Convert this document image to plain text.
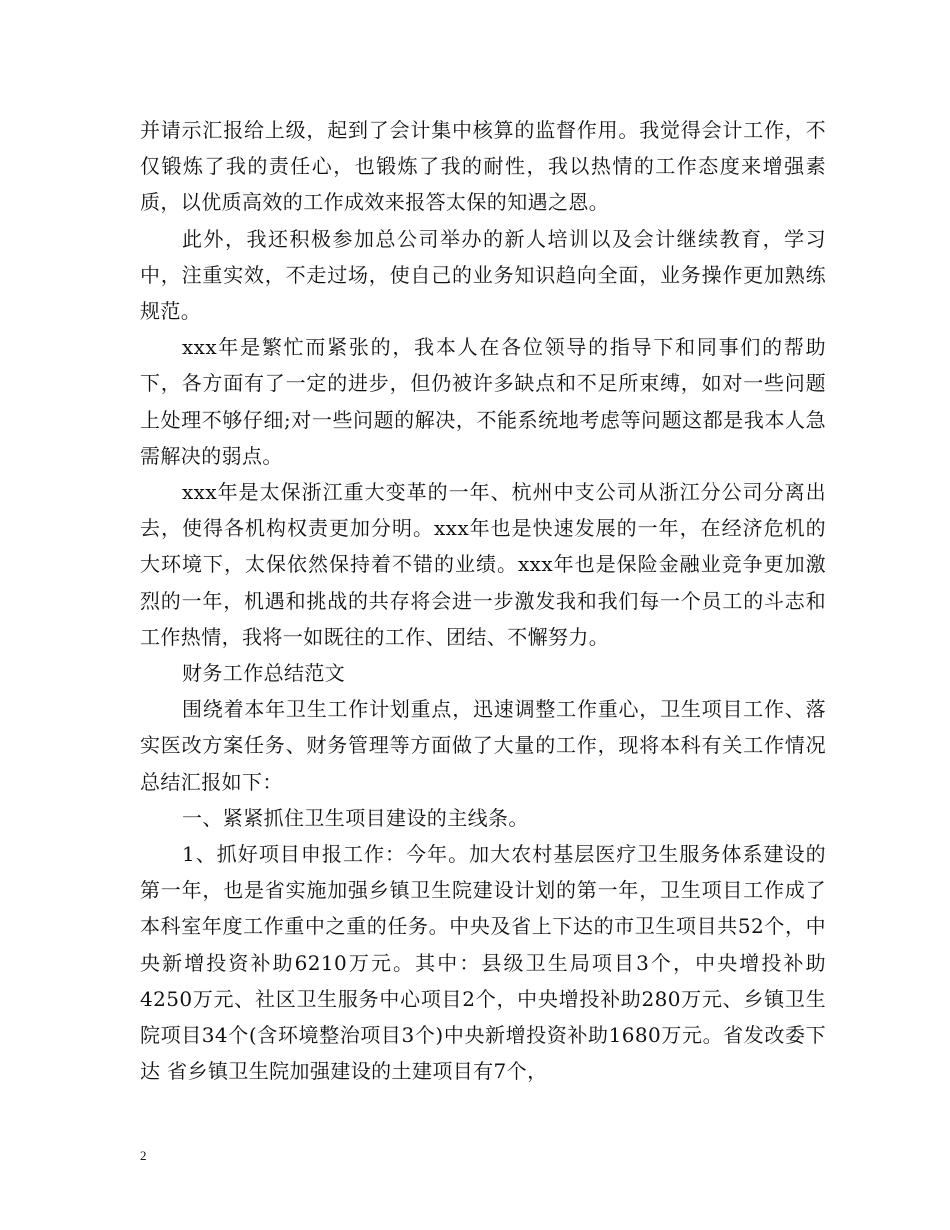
并请示汇报给上级，起到了会计集中核算的监督作用。我觉得会计工作，不仅锻炼了我的责任心，也锻炼了我的耐性，我以热情的工作态度来增强素质，以优质高效的工作成效来报答太保的知遇之恩。

此外，我还积极参加总公司举办的新人培训以及会计继续教育，学习中，注重实效，不走过场，使自己的业务知识趋向全面，业务操作更加熟练规范。

xxx年是繁忙而紧张的，我本人在各位领导的指导下和同事们的帮助下，各方面有了一定的进步，但仍被许多缺点和不足所束缚，如对一些问题上处理不够仔细;对一些问题的解决，不能系统地考虑等问题这都是我本人急需解决的弱点。

xxx年是太保浙江重大变革的一年、杭州中支公司从浙江分公司分离出去，使得各机构权责更加分明。xxx年也是快速发展的一年，在经济危机的大环境下，太保依然保持着不错的业绩。xxx年也是保险金融业竞争更加激烈的一年，机遇和挑战的共存将会进一步激发我和我们每一个员工的斗志和工作热情，我将一如既往的工作、团结、不懈努力。

财务工作总结范文

围绕着本年卫生工作计划重点，迅速调整工作重心，卫生项目工作、落实医改方案任务、财务管理等方面做了大量的工作，现将本科有关工作情况总结汇报如下：

一、紧紧抓住卫生项目建设的主线条。

1、抓好项目申报工作：今年。加大农村基层医疗卫生服务体系建设的第一年，也是省实施加强乡镇卫生院建设计划的第一年，卫生项目工作成了本科室年度工作重中之重的任务。中央及省上下达的市卫生项目共52个，中央新增投资补助6210万元。其中：县级卫生局项目3个，中央增投补助4250万元、社区卫生服务中心项目2个，中央增投补助280万元、乡镇卫生院项目34个(含环境整治项目3个)中央新增投资补助1680万元。省发改委下达 省乡镇卫生院加强建设的土建项目有7个，

2
